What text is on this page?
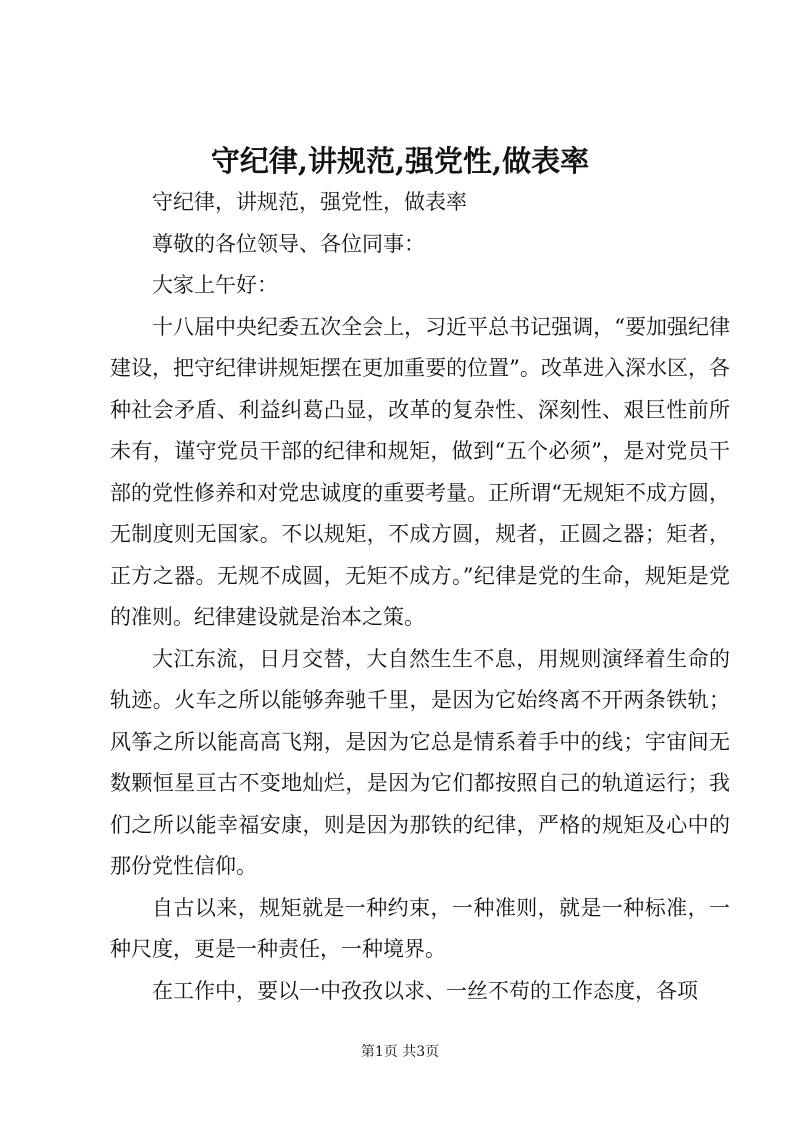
守纪律,讲规范,强党性,做表率

守纪律，讲规范，强党性，做表率

尊敬的各位领导、各位同事：

大家上午好：

十八届中央纪委五次全会上，习近平总书记强调，“要加强纪律建设，把守纪律讲规矩摆在更加重要的位置”。改革进入深水区，各种社会矛盾、利益纠葛凸显，改革的复杂性、深刻性、艰巨性前所未有，谨守党员干部的纪律和规矩，做到“五个必须”，是对党员干部的党性修养和对党忠诚度的重要考量。正所谓“无规矩不成方圆，无制度则无国家。不以规矩，不成方圆，规者，正圆之器；矩者，正方之器。无规不成圆，无矩不成方。”纪律是党的生命，规矩是党的准则。纪律建设就是治本之策。

大江东流，日月交替，大自然生生不息，用规则演绎着生命的轨迹。火车之所以能够奔驰千里，是因为它始终离不开两条铁轨；风筝之所以能高高飞翔，是因为它总是情系着手中的线；宇宙间无数颗恒星亘古不变地灿烂，是因为它们都按照自己的轨道运行；我们之所以能幸福安康，则是因为那铁的纪律，严格的规矩及心中的那份党性信仰。

自古以来，规矩就是一种约束，一种准则，就是一种标准，一种尺度，更是一种责任，一种境界。

在工作中，要以一中孜孜以求、一丝不苟的工作态度，各项

第1页 共3页
